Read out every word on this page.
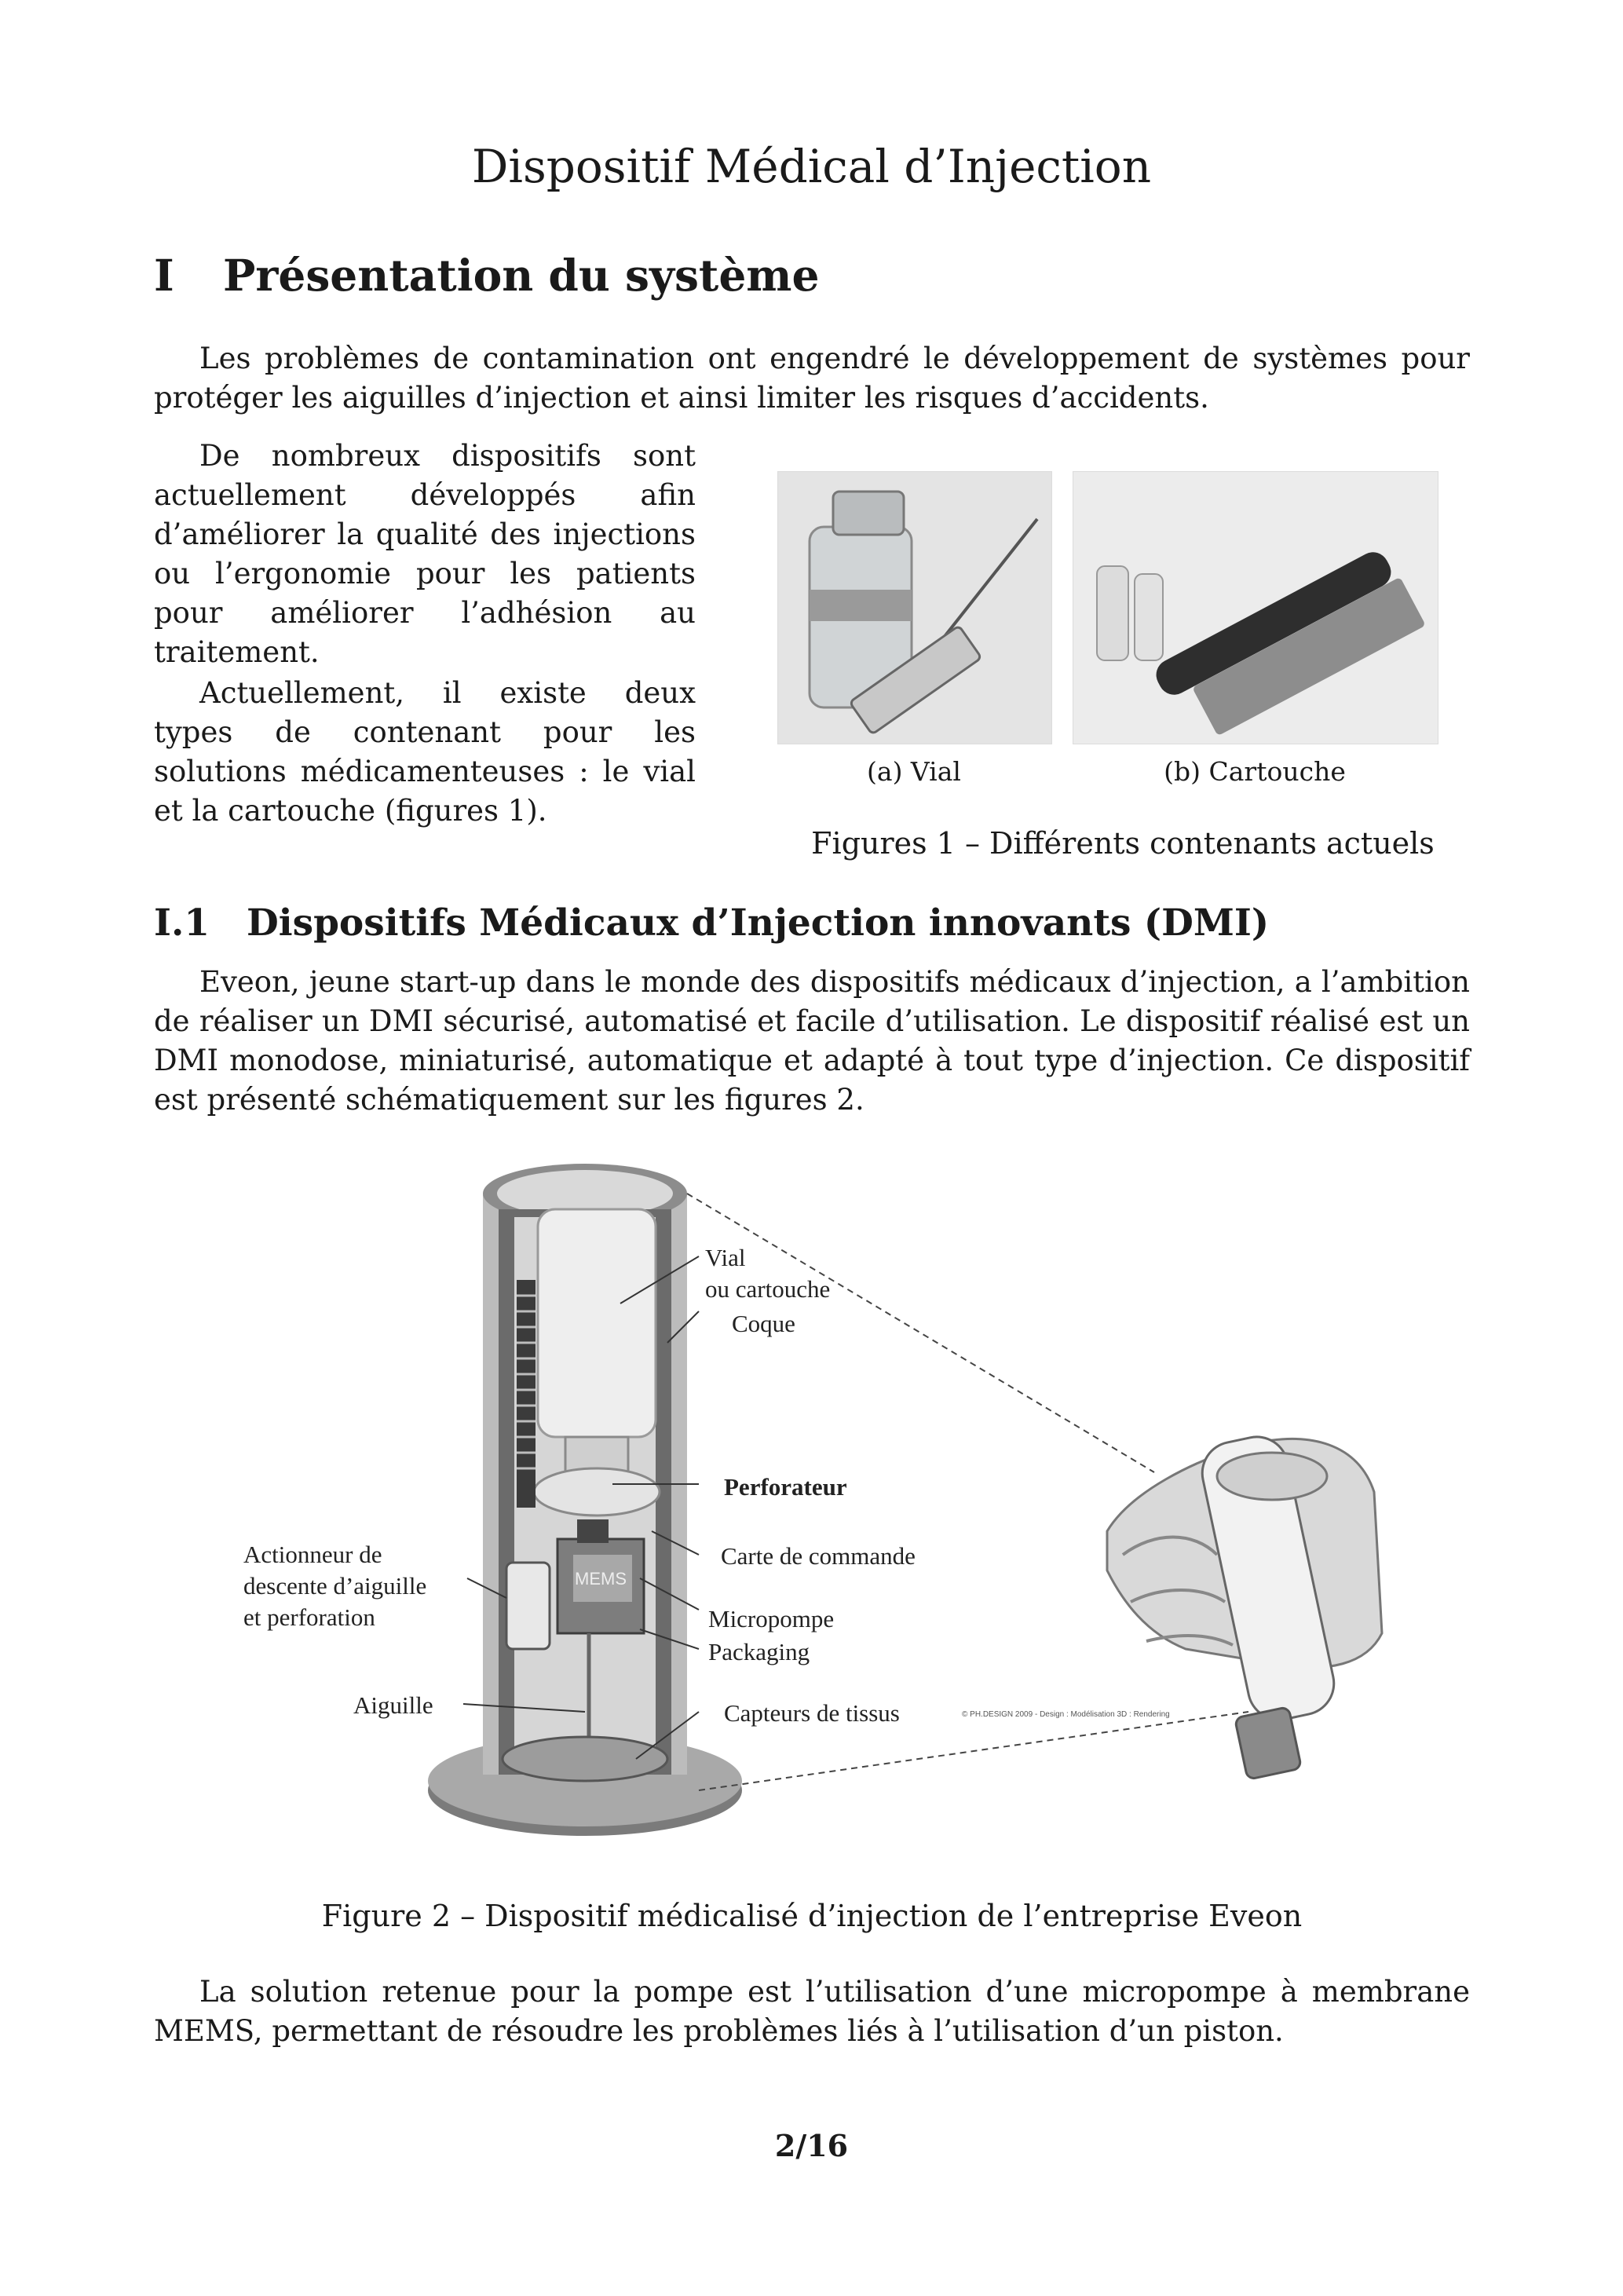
Dispositif Médical d’Injection
I Présentation du système
Les problèmes de contamination ont engendré le développement de systèmes pour protéger les aiguilles d’injection et ainsi limiter les risques d’accidents.
De nombreux dispositifs sont actuellement développés afin d’améliorer la qualité des injections ou l’ergonomie pour les patients pour améliorer l’adhésion au traitement.
Actuellement, il existe deux types de contenant pour les solutions médicamenteuses : le vial et la cartouche (figures 1).
(a) Vial	(b) Cartouche
Figures 1 – Différents contenants actuels
I.1 Dispositifs Médicaux d’Injection innovants (DMI)
Eveon, jeune start-up dans le monde des dispositifs médicaux d’injection, a l’ambition de réaliser un DMI sécurisé, automatisé et facile d’utilisation. Le dispositif réalisé est un DMI monodose, miniaturisé, automatique et adapté à tout type d’injection. Ce dispositif est présenté schématiquement sur les figures 2.
Vial
ou cartouche
Coque
Perforateur
Carte de commande
Micropompe
Packaging
Capteurs de tissus
Actionneur de
descente d’aiguille
et perforation
Aiguille
MEMS
© PH.DESIGN 2009 - Design : Modélisation 3D : Rendering
Figure 2 – Dispositif médicalisé d’injection de l’entreprise Eveon
La solution retenue pour la pompe est l’utilisation d’une micropompe à membrane MEMS, permettant de résoudre les problèmes liés à l’utilisation d’un piston.
2/16
